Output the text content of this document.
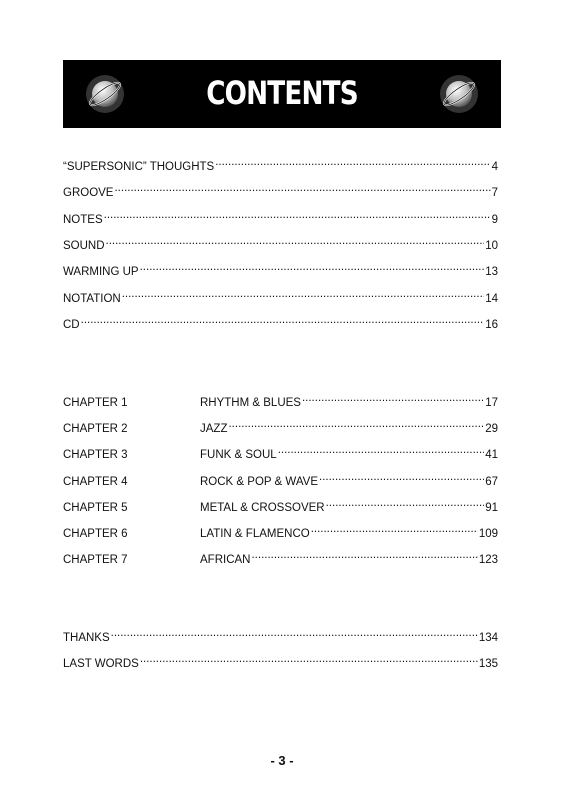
CONTENTS
“SUPERSONIC” THOUGHTS .....	4
GROOVE .....	7
NOTES .....	9
SOUND .....	10
WARMING UP .....	13
NOTATION .....	14
CD .....	16
CHAPTER 1	RHYTHM & BLUES .....	17
CHAPTER 2	JAZZ .....	29
CHAPTER 3	FUNK & SOUL .....	41
CHAPTER 4	ROCK & POP & WAVE .....	67
CHAPTER 5	METAL & CROSSOVER .....	91
CHAPTER 6	LATIN & FLAMENCO .....	109
CHAPTER 7	AFRICAN .....	123
THANKS .....	134
LAST WORDS .....	135
- 3 -
